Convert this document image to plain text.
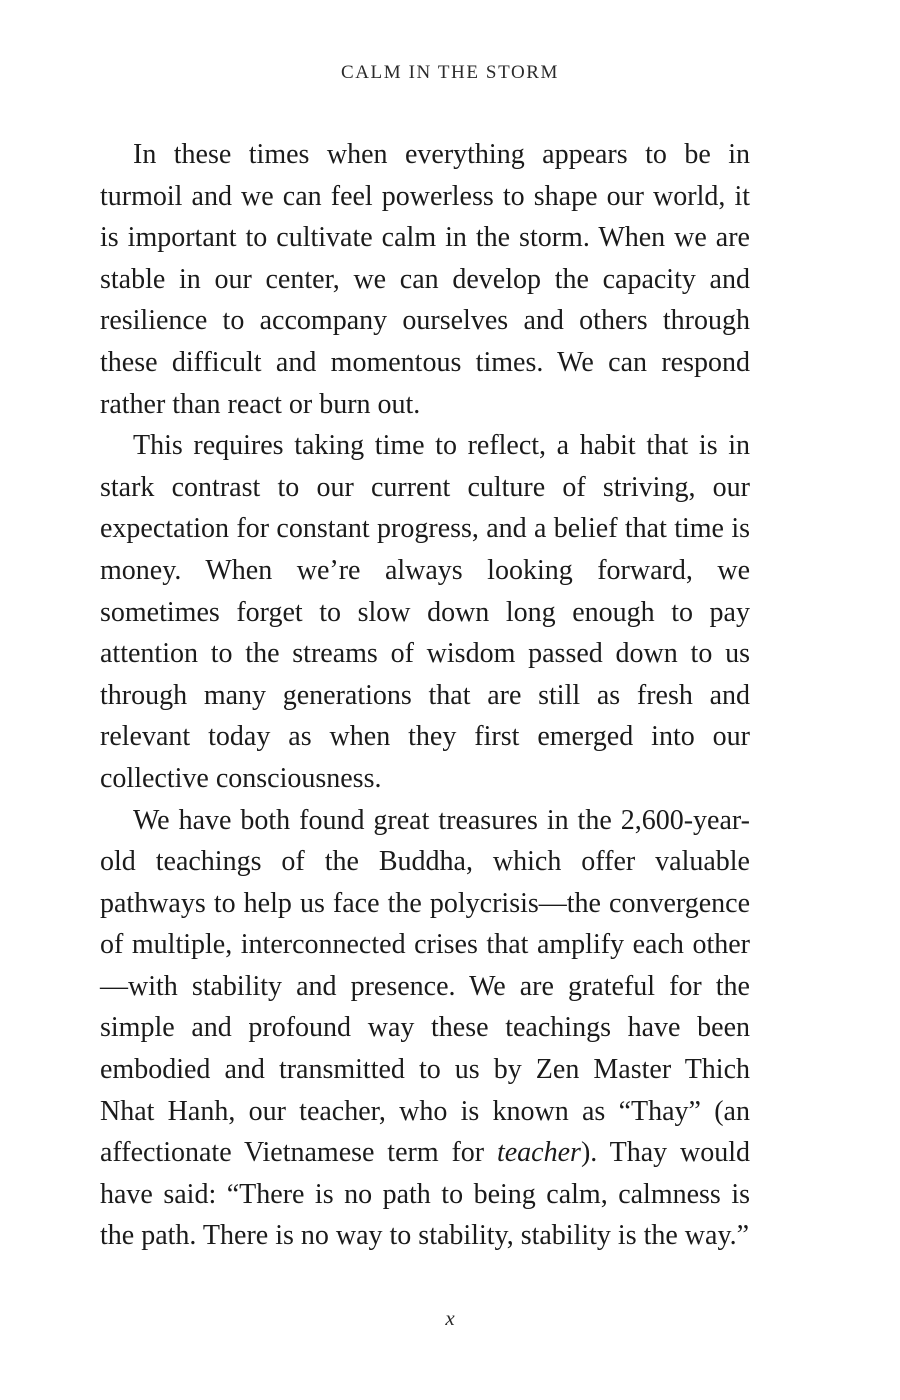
CALM IN THE STORM

In these times when everything appears to be in turmoil and we can feel powerless to shape our world, it is important to cultivate calm in the storm. When we are stable in our center, we can develop the capacity and resilience to accompany ourselves and others through these difficult and momentous times. We can respond rather than react or burn out.

This requires taking time to reflect, a habit that is in stark contrast to our current culture of striving, our expectation for constant progress, and a belief that time is money. When we’re always looking forward, we sometimes forget to slow down long enough to pay attention to the streams of wisdom passed down to us through many generations that are still as fresh and relevant today as when they first emerged into our collective consciousness.

We have both found great treasures in the 2,600-year-old teachings of the Buddha, which offer valuable pathways to help us face the polycrisis—the convergence of multiple, interconnected crises that amplify each other—with stability and presence. We are grateful for the simple and profound way these teachings have been embodied and transmitted to us by Zen Master Thich Nhat Hanh, our teacher, who is known as “Thay” (an affectionate Vietnamese term for teacher). Thay would have said: “There is no path to being calm, calmness is the path. There is no way to stability, stability is the way.”

x
